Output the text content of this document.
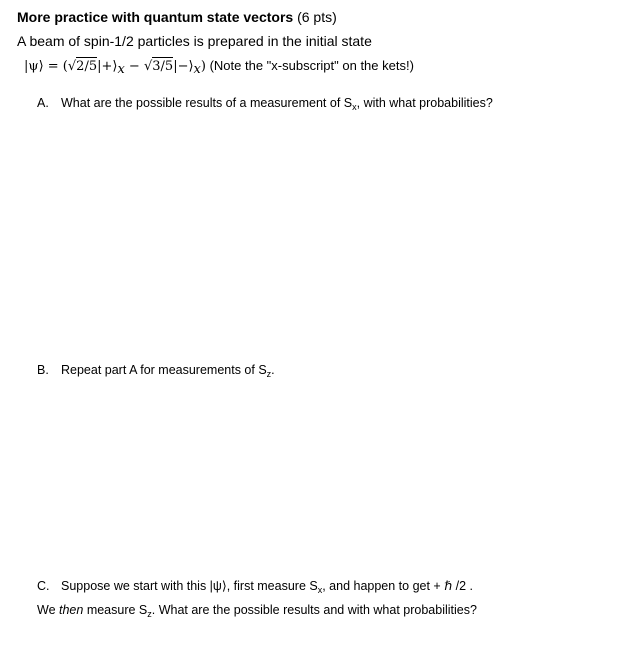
More practice with quantum state vectors (6 pts)
A beam of spin-1/2 particles is prepared in the initial state
|ψ⟩ = (√2/5|+⟩x − √3/5|−⟩x) (Note the "x-subscript" on the kets!)
A. What are the possible results of a measurement of $S_x$, with what probabilities?
B. Repeat part A for measurements of $S_z$.
C. Suppose we start with this |ψ⟩, first measure $S_x$, and happen to get + ℏ /2 .
We then measure $S_z$. What are the possible results and with what probabilities?
